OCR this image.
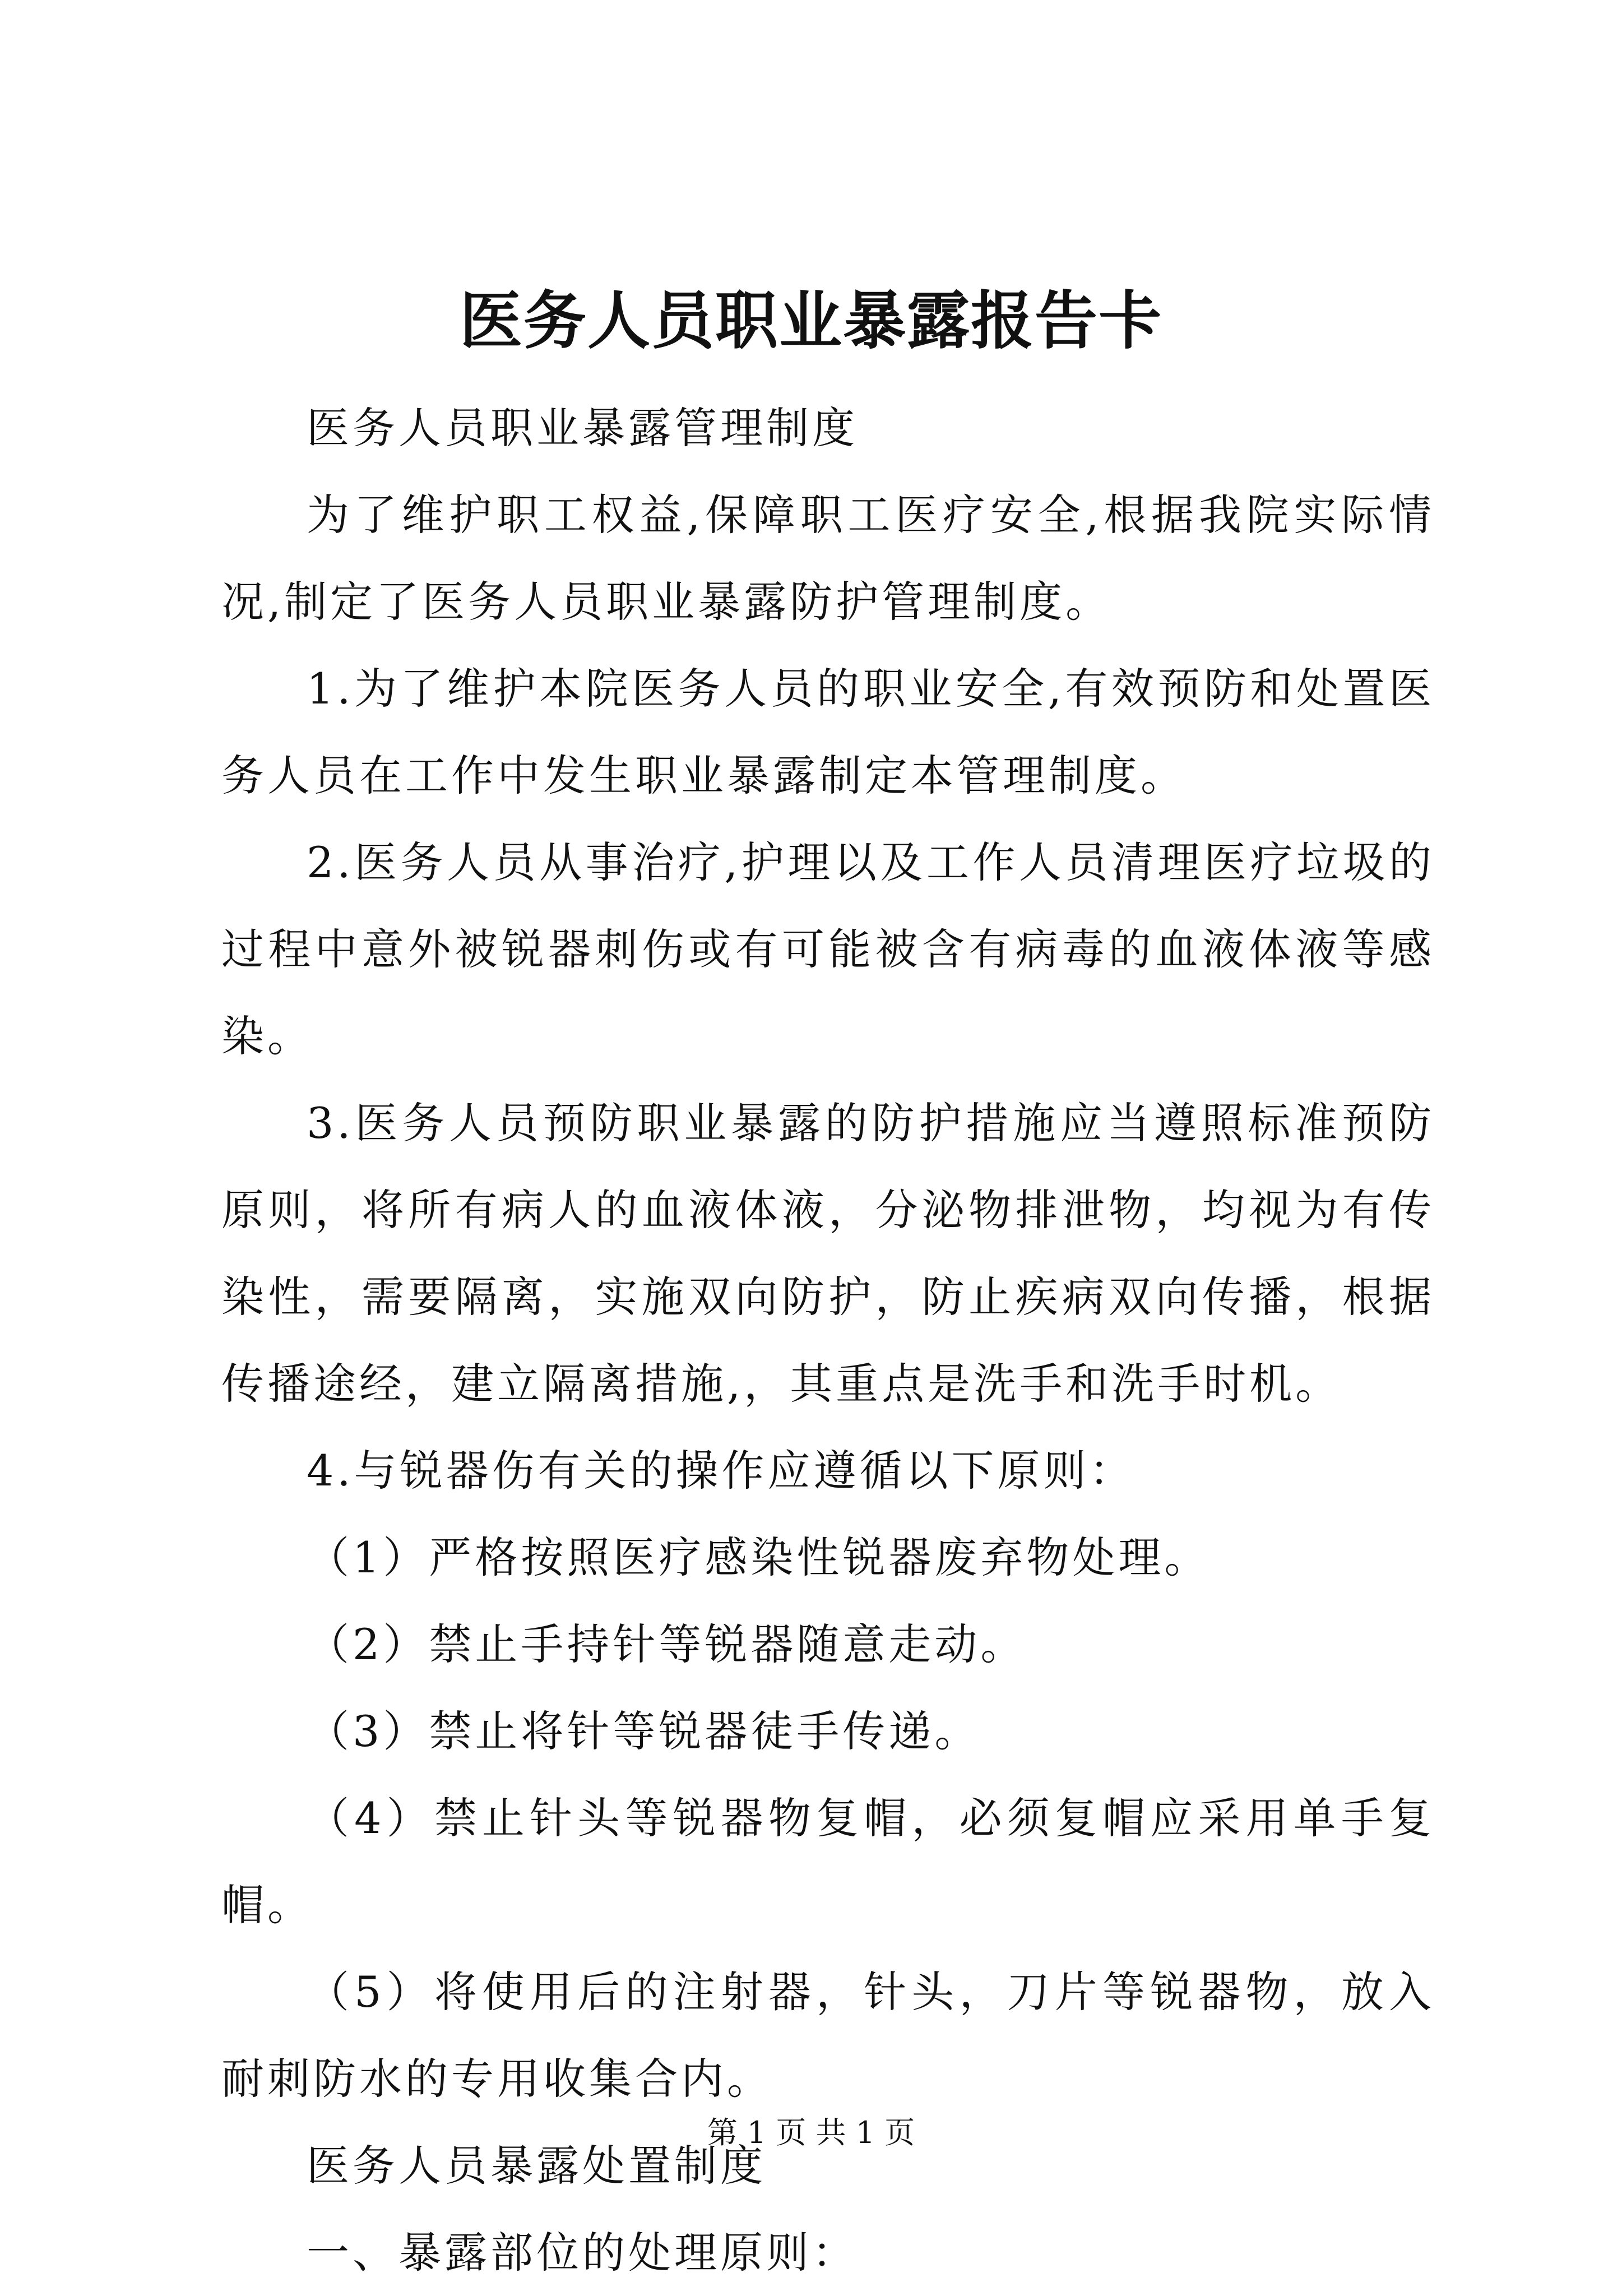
医务人员职业暴露报告卡

医务人员职业暴露管理制度

为了维护职工权益,保障职工医疗安全,根据我院实际情况,制定了医务人员职业暴露防护管理制度。

1.为了维护本院医务人员的职业安全,有效预防和处置医务人员在工作中发生职业暴露制定本管理制度。

2.医务人员从事治疗,护理以及工作人员清理医疗垃圾的过程中意外被锐器刺伤或有可能被含有病毒的血液体液等感染。

3.医务人员预防职业暴露的防护措施应当遵照标准预防原则，将所有病人的血液体液，分泌物排泄物，均视为有传染性，需要隔离，实施双向防护，防止疾病双向传播，根据传播途经，建立隔离措施,，其重点是洗手和洗手时机。

4.与锐器伤有关的操作应遵循以下原则：

（1）严格按照医疗感染性锐器废弃物处理。

（2）禁止手持针等锐器随意走动。

（3）禁止将针等锐器徒手传递。

（4）禁止针头等锐器物复帽，必须复帽应采用单手复帽。

（5）将使用后的注射器，针头，刀片等锐器物，放入耐刺防水的专用收集合内。

医务人员暴露处置制度

一、暴露部位的处理原则：

第 1 页 共 1 页
